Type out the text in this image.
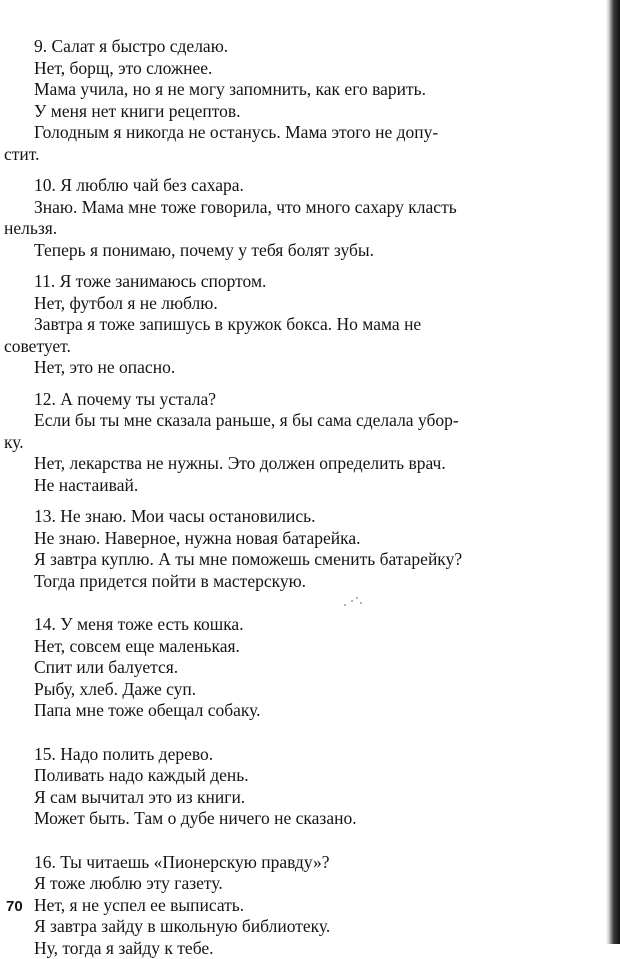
9. Салат я быстро сделаю.

Нет, борщ, это сложнее.

Мама учила, но я не могу запомнить, как его варить.

У меня нет книги рецептов.

Голодным я никогда не останусь. Мама этого не допу-

стит.

10. Я люблю чай без сахара.

Знаю. Мама мне тоже говорила, что много сахару класть

нельзя.

Теперь я понимаю, почему у тебя болят зубы.

11. Я тоже занимаюсь спортом.

Нет, футбол я не люблю.

Завтра я тоже запишусь в кружок бокса. Но мама не

советует.

Нет, это не опасно.

12. А почему ты устала?

Если бы ты мне сказала раньше, я бы сама сделала убор-

ку.

Нет, лекарства не нужны. Это должен определить врач.

Не настаивай.

13. Не знаю. Мои часы остановились.

Не знаю. Наверное, нужна новая батарейка.

Я завтра куплю. А ты мне поможешь сменить батарейку?

Тогда придется пойти в мастерскую.

14. У меня тоже есть кошка.

Нет, совсем еще маленькая.

Спит или балуется.

Рыбу, хлеб. Даже суп.

Папа мне тоже обещал собаку.

15. Надо полить дерево.

Поливать надо каждый день.

Я сам вычитал это из книги.

Может быть. Там о дубе ничего не сказано.

16. Ты читаешь «Пионерскую правду»?

Я тоже люблю эту газету.

Нет, я не успел ее выписать.

Я завтра зайду в школьную библиотеку.

Ну, тогда я зайду к тебе.

70
